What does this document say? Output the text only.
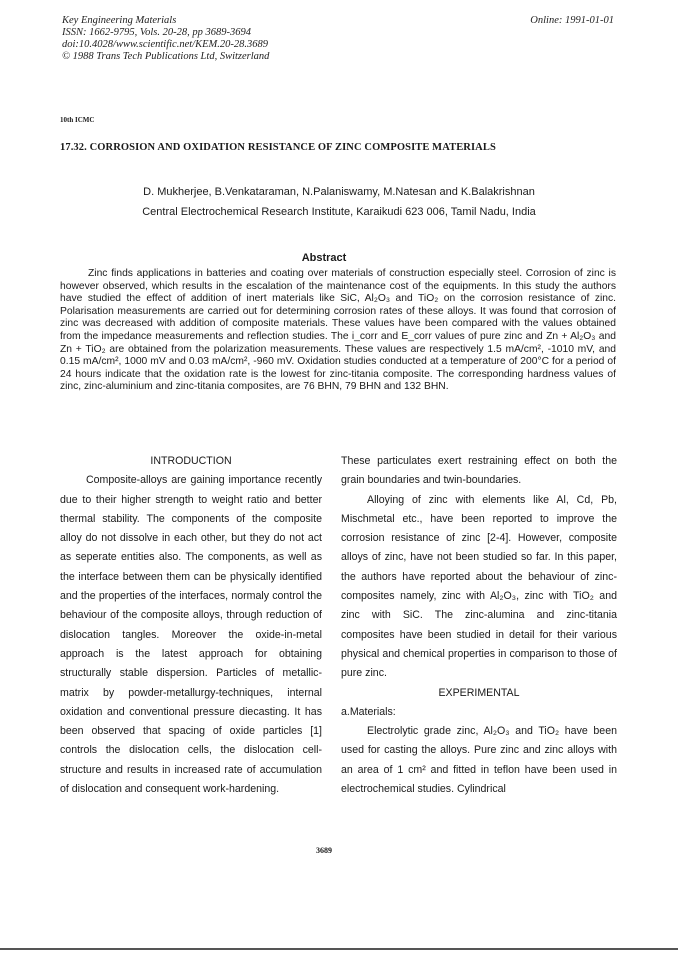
Key Engineering Materials
ISSN: 1662-9795, Vols. 20-28, pp 3689-3694
doi:10.4028/www.scientific.net/KEM.20-28.3689
© 1988 Trans Tech Publications Ltd, Switzerland
Online: 1991-01-01
10th ICMC
17.32. CORROSION AND OXIDATION RESISTANCE OF ZINC COMPOSITE MATERIALS
D. Mukherjee, B.Venkataraman, N.Palaniswamy, M.Natesan and K.Balakrishnan
Central Electrochemical Research Institute, Karaikudi 623 006, Tamil Nadu, India
Abstract

Zinc finds applications in batteries and coating over materials of construction especially steel. Corrosion of zinc is however observed, which results in the escalation of the maintenance cost of the equipments. In this study the authors have studied the effect of addition of inert materials like SiC, Al₂O₃ and TiO₂ on the corrosion resistance of zinc. Polarisation measurements are carried out for determining corrosion rates of these alloys. It was found that corrosion of zinc was decreased with addition of composite materials. These values have been compared with the values obtained from the impedance measurements and reflection studies. The i_corr and E_corr values of pure zinc and Zn + Al₂O₃ and Zn + TiO₂ are obtained from the polarization measurements. These values are respectively 1.5 mA/cm², -1010 mV, and 0.15 mA/cm², 1000 mV and 0.03 mA/cm², -960 mV. Oxidation studies conducted at a temperature of 200°C for a period of 24 hours indicate that the oxidation rate is the lowest for zinc-titania composite. The corresponding hardness values of zinc, zinc-aluminium and zinc-titania composites, are 76 BHN, 79 BHN and 132 BHN.

INTRODUCTION
Composite-alloys are gaining importance recently due to their higher strength to weight ratio and better thermal stability. The components of the composite alloy do not dissolve in each other, but they do not act as seperate entities also. The components, as well as the interface between them can be physically identified and the properties of the interfaces, normaly control the behaviour of the composite alloys, through reduction of dislocation tangles. Moreover the oxide-in-metal approach is the latest approach for obtaining structurally stable dispersion. Particles of metallic-matrix by powder-metallurgy-techniques, internal oxidation and conventional pressure diecasting. It has been observed that spacing of oxide particles [1] controls the dislocation cells, the dislocation cell-structure and results in increased rate of accumulation of dislocation and consequent work-hardening.
These particulates exert restraining effect on both the grain boundaries and twin-boundaries.
Alloying of zinc with elements like Al, Cd, Pb, Mischmetal etc., have been reported to improve the corrosion resistance of zinc [2-4]. However, composite alloys of zinc, have not been studied so far. In this paper, the authors have reported about the behaviour of zinc-composites namely, zinc with Al₂O₃, zinc with TiO₂ and zinc with SiC. The zinc-alumina and zinc-titania composites have been studied in detail for their various physical and chemical properties in comparison to those of pure zinc.
EXPERIMENTAL
a.Materials:
Electrolytic grade zinc, Al₂O₃ and TiO₂ have been used for casting the alloys. Pure zinc and zinc alloys with an area of 1 cm² and fitted in teflon have been used in electrochemical studies. Cylindrical
3689
